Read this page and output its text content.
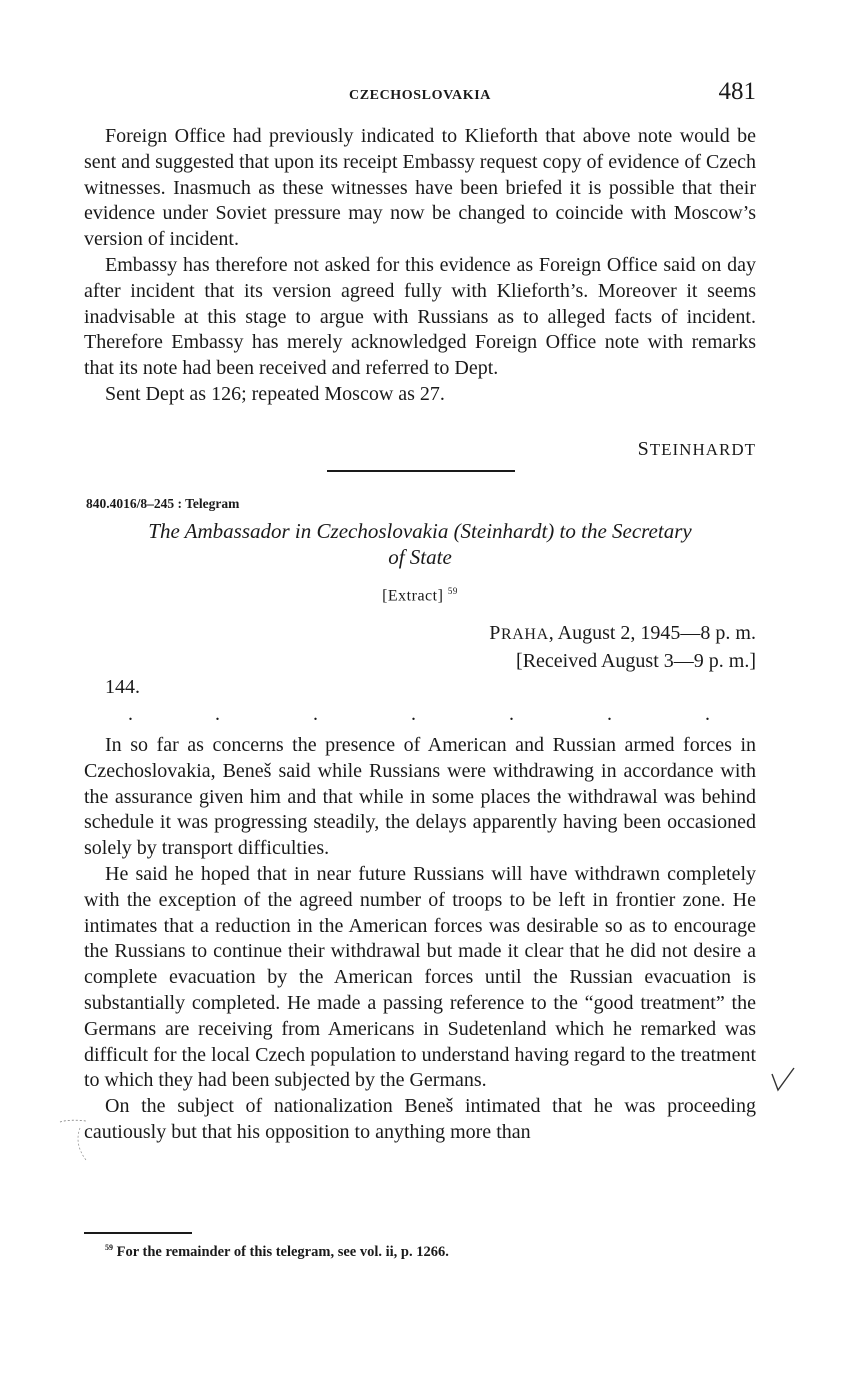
CZECHOSLOVAKIA	481

Foreign Office had previously indicated to Klieforth that above note would be sent and suggested that upon its receipt Embassy request copy of evidence of Czech witnesses. Inasmuch as these witnesses have been briefed it is possible that their evidence under Soviet pressure may now be changed to coincide with Moscow’s version of incident.

Embassy has therefore not asked for this evidence as Foreign Office said on day after incident that its version agreed fully with Klieforth’s. Moreover it seems inadvisable at this stage to argue with Russians as to alleged facts of incident. Therefore Embassy has merely acknowledged Foreign Office note with remarks that its note had been received and referred to Dept.

Sent Dept as 126; repeated Moscow as 27.

STEINHARDT
840.4016/8–245 : Telegram
The Ambassador in Czechoslovakia (Steinhardt) to the Secretary
of State
[Extract] $^{59}$
PRAHA, August 2, 1945—8 p. m.
[Received August 3—9 p. m.]
144.
.	.	.	.	.	.	.

In so far as concerns the presence of American and Russian armed forces in Czechoslovakia, Beneš said while Russians were withdrawing in accordance with the assurance given him and that while in some places the withdrawal was behind schedule it was progressing steadily, the delays apparently having been occasioned solely by transport difficulties.

He said he hoped that in near future Russians will have withdrawn completely with the exception of the agreed number of troops to be left in frontier zone. He intimates that a reduction in the American forces was desirable so as to encourage the Russians to continue their withdrawal but made it clear that he did not desire a complete evacuation by the American forces until the Russian evacuation is substantially completed. He made a passing reference to the “good treatment” the Germans are receiving from Americans in Sudetenland which he remarked was difficult for the local Czech population to understand having regard to the treatment to which they had been subjected by the Germans.

On the subject of nationalization Beneš intimated that he was proceeding cautiously but that his opposition to anything more than

$^{59}$ For the remainder of this telegram, see vol. ii, p. 1266.
